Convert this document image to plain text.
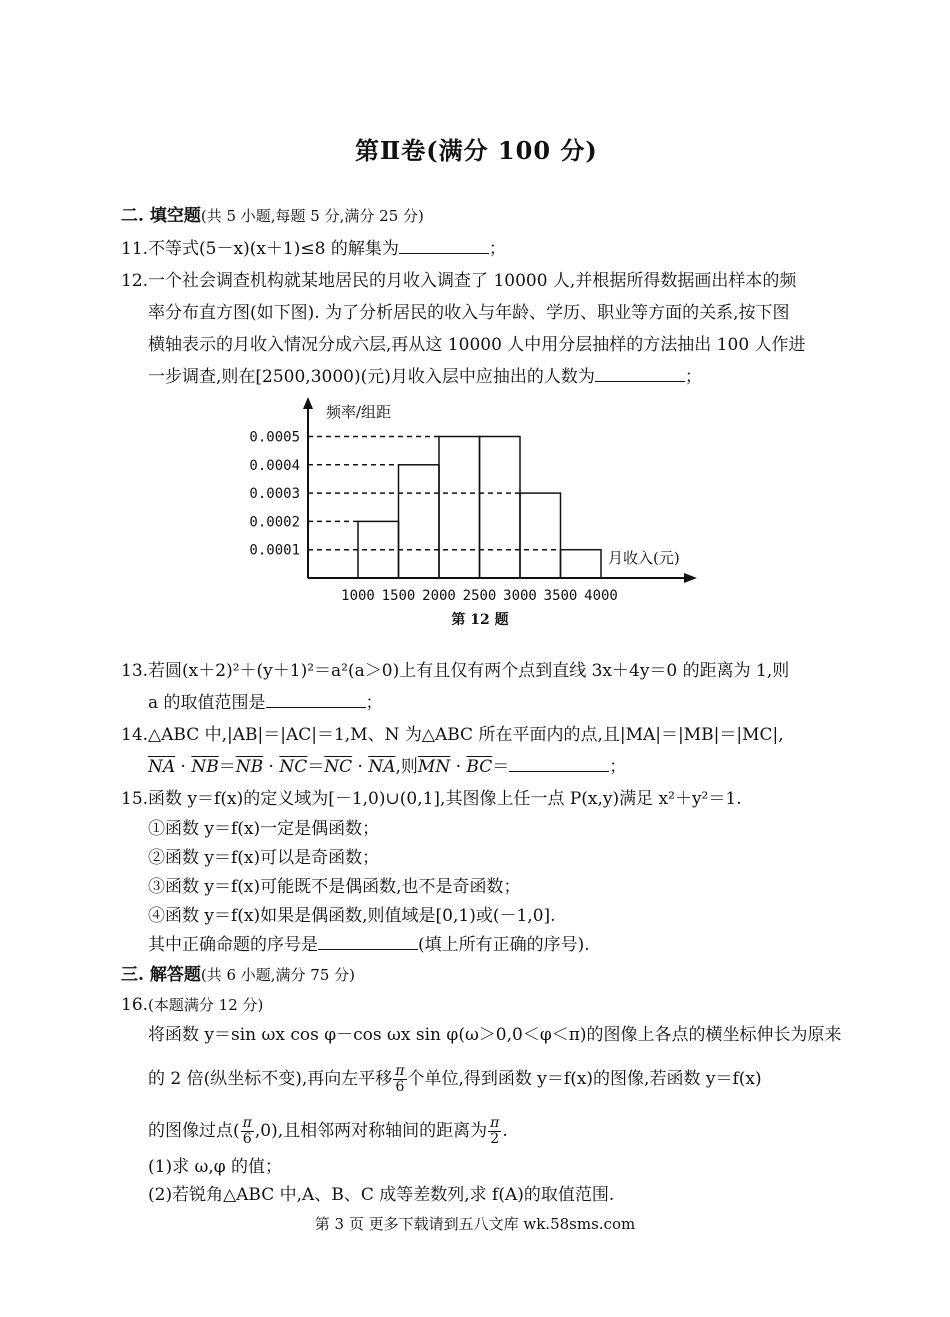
第Ⅱ卷(满分 100 分)
二. 填空题(共 5 小题,每题 5 分,满分 25 分)
11.不等式(5－x)(x＋1)≤8 的解集为	；
12.一个社会调查机构就某地居民的月收入调查了 10000 人,并根据所得数据画出样本的频
率分布直方图(如下图). 为了分析居民的收入与年龄、学历、职业等方面的关系,按下图
横轴表示的月收入情况分成六层,再从这 10000 人中用分层抽样的方法抽出 100 人作进
一步调查,则在[2500,3000)(元)月收入层中应抽出的人数为	；
频率/组距
月收入(元)
0.0001
0.0002
0.0003
0.0004
0.0005
1000 1500 2000 2500 3000 3500 4000
第 12 题
13.若圆(x＋2)²＋(y＋1)²＝a²(a＞0)上有且仅有两个点到直线 3x＋4y＝0 的距离为 1,则
a 的取值范围是	；
14.△ABC 中,|AB|＝|AC|＝1,M、N 为△ABC 所在平面内的点,且|MA|＝|MB|＝|MC|,
$\overline{NA} \cdot \overline{NB}=\overline{NB} \cdot \overline{NC}=\overline{NC} \cdot \overline{NA}$,则$\overline{MN} \cdot \overline{BC}=$	；
15.函数 y＝f(x)的定义域为[－1,0)∪(0,1],其图像上任一点 P(x,y)满足 x²＋y²＝1.
①函数 y＝f(x)一定是偶函数；
②函数 y＝f(x)可以是奇函数；
③函数 y＝f(x)可能既不是偶函数,也不是奇函数；
④函数 y＝f(x)如果是偶函数,则值域是[0,1)或(－1,0].
其中正确命题的序号是	(填上所有正确的序号).
三. 解答题(共 6 小题,满分 75 分)
16.(本题满分 12 分)
将函数 y＝sin ωx cos φ－cos ωx sin φ(ω＞0,0＜φ＜π)的图像上各点的横坐标伸长为原来
的 2 倍(纵坐标不变),再向左平移 $\frac{\pi}{6}$ 个单位,得到函数 y＝f(x)的图像,若函数 y＝f(x)
的图像过点( $\frac{\pi}{6} ,0$),且相邻两对称轴间的距离为 $\frac{\pi}{2}$ .
(1)求 ω,φ 的值；
(2)若锐角△ABC 中,A、B、C 成等差数列,求 f(A)的取值范围.
第 3 页 更多下载请到五八文库 wk.58sms.com
